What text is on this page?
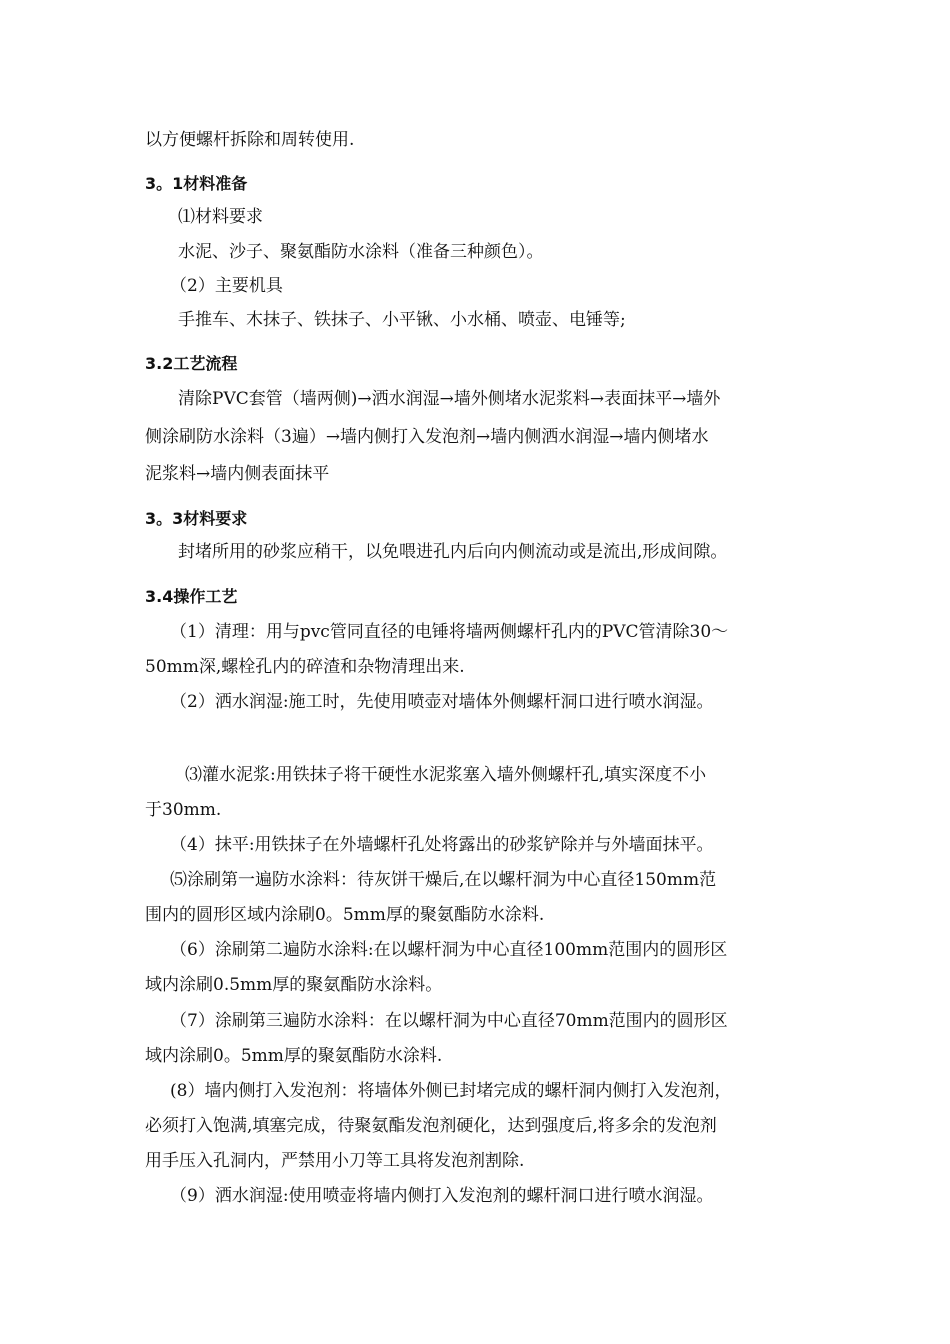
以方便螺杆拆除和周转使用.
3。1材料准备
⑴材料要求
水泥、沙子、聚氨酯防水涂料（准备三种颜色）。
（2）主要机具
手推车、木抹子、铁抹子、小平锹、小水桶、喷壶、电锤等;
3.2工艺流程
清除PVC套管（墙两侧)→洒水润湿→墙外侧堵水泥浆料→表面抹平→墙外
侧涂刷防水涂料（3遍）→墙内侧打入发泡剂→墙内侧洒水润湿→墙内侧堵水
泥浆料→墙内侧表面抹平
3。3材料要求
封堵所用的砂浆应稍干，以免喂进孔内后向内侧流动或是流出,形成间隙。
3.4操作工艺
（1）清理：用与pvc管同直径的电锤将墙两侧螺杆孔内的PVC管清除30～
50mm深,螺栓孔内的碎渣和杂物清理出来.
（2）洒水润湿:施工时，先使用喷壶对墙体外侧螺杆洞口进行喷水润湿。
⑶灌水泥浆:用铁抹子将干硬性水泥浆塞入墙外侧螺杆孔,填实深度不小
于30mm.
（4）抹平:用铁抹子在外墙螺杆孔处将露出的砂浆铲除并与外墙面抹平。
⑸涂刷第一遍防水涂料：待灰饼干燥后,在以螺杆洞为中心直径150mm范
围内的圆形区域内涂刷0。5mm厚的聚氨酯防水涂料.
（6）涂刷第二遍防水涂料:在以螺杆洞为中心直径100mm范围内的圆形区
域内涂刷0.5mm厚的聚氨酯防水涂料。
（7）涂刷第三遍防水涂料：在以螺杆洞为中心直径70mm范围内的圆形区
域内涂刷0。5mm厚的聚氨酯防水涂料.
(8）墙内侧打入发泡剂：将墙体外侧已封堵完成的螺杆洞内侧打入发泡剂，
必须打入饱满,填塞完成，待聚氨酯发泡剂硬化，达到强度后,将多余的发泡剂
用手压入孔洞内，严禁用小刀等工具将发泡剂割除.
（9）洒水润湿:使用喷壶将墙内侧打入发泡剂的螺杆洞口进行喷水润湿。
